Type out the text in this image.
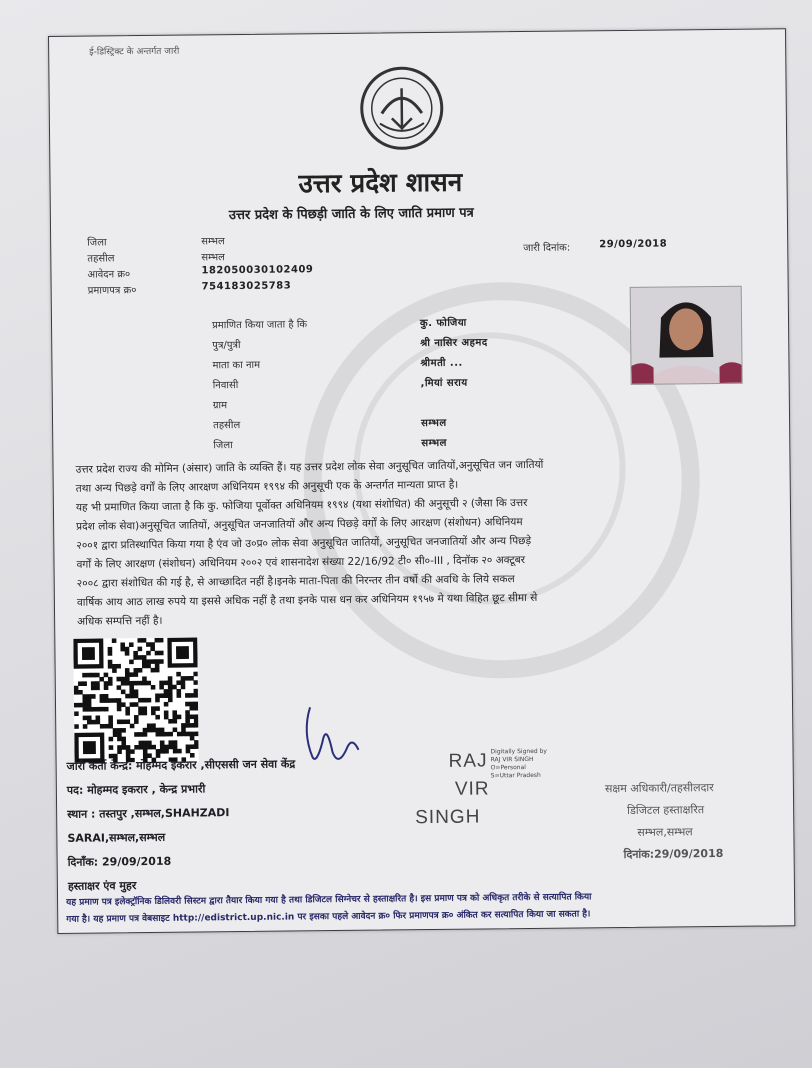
ई-डिस्ट्रिक्ट के अन्तर्गत जारी
उत्तर प्रदेश शासन
उत्तर प्रदेश के पिछड़ी जाति के लिए जाति प्रमाण पत्र
जिला	सम्भल
तहसील	सम्भल
आवेदन क्र०	182050030102409
प्रमाणपत्र क्र०	754183025783
जारी दिनांक:	29/09/2018
प्रमाणित किया जाता है कि	कु. फोजिया
पुत्र/पुत्री	श्री नासिर अहमद
माता का नाम	श्रीमती ...
निवासी	,मियां सराय
ग्राम
तहसील	सम्भल
जिला	सम्भल
उत्तर प्रदेश राज्य की मोमिन (अंसार) जाति के व्यक्ति हैं। यह उत्तर प्रदेश लोक सेवा अनुसूचित जातियों,अनुसूचित जन जातियों
तथा अन्य पिछड़े वर्गों के लिए आरक्षण अधिनियम १९९४ की अनुसूची एक के अन्तर्गत मान्यता प्राप्त है।
यह भी प्रमाणित किया जाता है कि कु. फोजिया पूर्वोक्त अधिनियम १९९४ (यथा संशोधित) की अनुसूची २ (जैसा कि उत्तर
प्रदेश लोक सेवा)अनुसूचित जातियों, अनुसूचित जनजातियों और अन्य पिछड़े वर्गों के लिए आरक्षण (संशोधन) अधिनियम
२००१ द्वारा प्रतिस्थापित किया गया है एंव जो उ०प्र० लोक सेवा अनुसूचित जातियों, अनुसूचित जनजातियों और अन्य पिछड़े
वर्गों के लिए आरक्षण (संशोधन) अधिनियम २००२ एवं शासनादेश संख्या 22/16/92 टी० सी०-III , दिनॉक २० अक्टूबर
२००८ द्वारा संशोधित की गई है, से आच्छादित नहीं है।इनके माता-पिता की निरन्तर तीन वर्षो की अवधि के लिये सकल
वार्षिक आय आठ लाख रुपये या इससे अधिक नहीं है तथा इनके पास धन कर अधिनियम १९५७ मे यथा विहित छूट सीमा से
अधिक सम्पत्ति नहीं है।
जारी कर्ता केन्द्र: मोहम्मद इकरार ,सीएससी जन सेवा केंद्र
पद: मोहम्मद इकरार , केन्द्र प्रभारी
स्थान : तस्तपुर ,सम्भल,SHAHZADI
SARAI,सम्भल,सम्भल
दिनाँक: 29/09/2018
हस्ताक्षर एंव मुहर
RAJ
VIR
SINGH
Digitally Signed by
RAJ VIR SINGH
O=Personal
S=Uttar Pradesh
सक्षम अधिकारी/तहसीलदार
डिजिटल हस्ताक्षरित
सम्भल,सम्भल
दिनांक:29/09/2018
यह प्रमाण पत्र इलेक्ट्रॉनिक डिलिवरी सिस्टम द्वारा तैयार किया गया है तथा डिजिटल सिग्नेचर से हस्ताक्षरित है। इस प्रमाण पत्र को अधिकृत तरीके से सत्यापित किया
गया है। यह प्रमाण पत्र वेबसाइट http://edistrict.up.nic.in पर इसका पहले आवेदन क्र० फिर प्रमाणपत्र क्र० अंकित कर सत्यापित किया जा सकता है।
